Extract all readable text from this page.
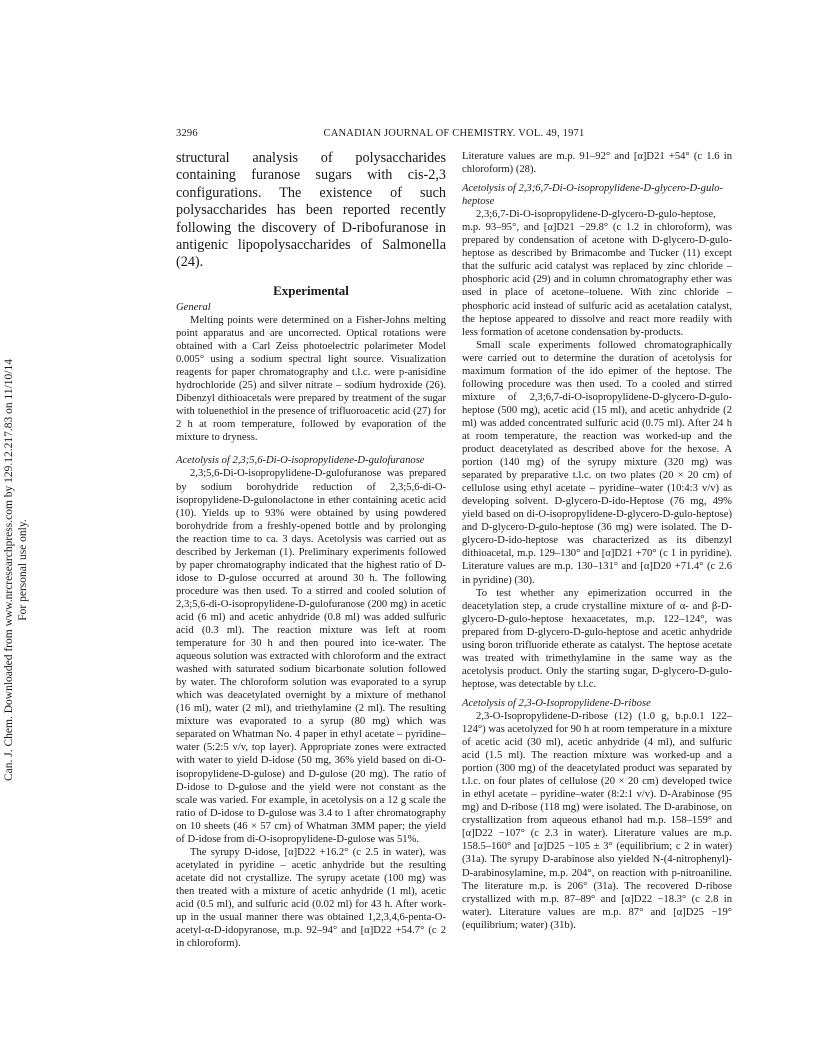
Can. J. Chem. Downloaded from www.nrcresearchpress.com by 129.12.217.83 on 11/10/14 For personal use only.
3296	CANADIAN JOURNAL OF CHEMISTRY. VOL. 49, 1971

structural analysis of polysaccharides containing furanose sugars with cis-2,3 configurations. The existence of such polysaccharides has been reported recently following the discovery of D-ribofuranose in antigenic lipopolysaccharides of Salmonella (24).

Experimental

General

Melting points were determined on a Fisher-Johns melting point apparatus and are uncorrected. Optical rotations were obtained with a Carl Zeiss photoelectric polarimeter Model 0.005° using a sodium spectral light source. Visualization reagents for paper chromatography and t.l.c. were p-anisidine hydrochloride (25) and silver nitrate – sodium hydroxide (26). Dibenzyl dithioacetals were prepared by treatment of the sugar with toluenethiol in the presence of trifluoroacetic acid (27) for 2 h at room temperature, followed by evaporation of the mixture to dryness.

Acetolysis of 2,3;5,6-Di-O-isopropylidene-D-gulofuranose

2,3;5,6-Di-O-isopropylidene-D-gulofuranose was prepared by sodium borohydride reduction of 2,3;5,6-di-O-isopropylidene-D-gulonolactone in ether containing acetic acid (10). Yields up to 93% were obtained by using powdered borohydride from a freshly-opened bottle and by prolonging the reaction time to ca. 3 days. Acetolysis was carried out as described by Jerkeman (1). Preliminary experiments followed by paper chromatography indicated that the highest ratio of D-idose to D-gulose occurred at around 30 h. The following procedure was then used. To a stirred and cooled solution of 2,3;5,6-di-O-isopropylidene-D-gulofuranose (200 mg) in acetic acid (6 ml) and acetic anhydride (0.8 ml) was added sulfuric acid (0.3 ml). The reaction mixture was left at room temperature for 30 h and then poured into ice-water. The aqueous solution was extracted with chloroform and the extract washed with saturated sodium bicarbonate solution followed by water. The chloroform solution was evaporated to a syrup which was deacetylated overnight by a mixture of methanol (16 ml), water (2 ml), and triethylamine (2 ml). The resulting mixture was evaporated to a syrup (80 mg) which was separated on Whatman No. 4 paper in ethyl acetate – pyridine–water (5:2:5 v/v, top layer). Appropriate zones were extracted with water to yield D-idose (50 mg, 36% yield based on di-O-isopropylidene-D-gulose) and D-gulose (20 mg). The ratio of D-idose to D-gulose and the yield were not constant as the scale was varied. For example, in acetolysis on a 12 g scale the ratio of D-idose to D-gulose was 3.4 to 1 after chromatography on 10 sheets (46 × 57 cm) of Whatman 3MM paper; the yield of D-idose from di-O-isopropylidene-D-gulose was 51%.

The syrupy D-idose, [α]D22 +16.2° (c 2.5 in water), was acetylated in pyridine – acetic anhydride but the resulting acetate did not crystallize. The syrupy acetate (100 mg) was then treated with a mixture of acetic anhydride (1 ml), acetic acid (0.5 ml), and sulfuric acid (0.02 ml) for 43 h. After work-up in the usual manner there was obtained 1,2,3,4,6-penta-O-acetyl-α-D-idopyranose, m.p. 92–94° and [α]D22 +54.7° (c 2 in chloroform).

Literature values are m.p. 91–92° and [α]D21 +54° (c 1.6 in chloroform) (28).

Acetolysis of 2,3;6,7-Di-O-isopropylidene-D-glycero-D-gulo-heptose

2,3;6,7-Di-O-isopropylidene-D-glycero-D-gulo-heptose, m.p. 93–95°, and [α]D21 −29.8° (c 1.2 in chloroform), was prepared by condensation of acetone with D-glycero-D-gulo-heptose as described by Brimacombe and Tucker (11) except that the sulfuric acid catalyst was replaced by zinc chloride – phosphoric acid (29) and in column chromatography ether was used in place of acetone–toluene. With zinc chloride – phosphoric acid instead of sulfuric acid as acetalation catalyst, the heptose appeared to dissolve and react more readily with less formation of acetone condensation by-products.

Small scale experiments followed chromatographically were carried out to determine the duration of acetolysis for maximum formation of the ido epimer of the heptose. The following procedure was then used. To a cooled and stirred mixture of 2,3;6,7-di-O-isopropylidene-D-glycero-D-gulo-heptose (500 mg), acetic acid (15 ml), and acetic anhydride (2 ml) was added concentrated sulfuric acid (0.75 ml). After 24 h at room temperature, the reaction was worked-up and the product deacetylated as described above for the hexose. A portion (140 mg) of the syrupy mixture (320 mg) was separated by preparative t.l.c. on two plates (20 × 20 cm) of cellulose using ethyl acetate – pyridine–water (10:4:3 v/v) as developing solvent. D-glycero-D-ido-Heptose (76 mg, 49% yield based on di-O-isopropylidene-D-glycero-D-gulo-heptose) and D-glycero-D-gulo-heptose (36 mg) were isolated. The D-glycero-D-ido-heptose was characterized as its dibenzyl dithioacetal, m.p. 129–130° and [α]D21 +70° (c 1 in pyridine). Literature values are m.p. 130–131° and [α]D20 +71.4° (c 2.6 in pyridine) (30).

To test whether any epimerization occurred in the deacetylation step, a crude crystalline mixture of α- and β-D-glycero-D-gulo-heptose hexaacetates, m.p. 122–124°, was prepared from D-glycero-D-gulo-heptose and acetic anhydride using boron trifluoride etherate as catalyst. The heptose acetate was treated with trimethylamine in the same way as the acetolysis product. Only the starting sugar, D-glycero-D-gulo-heptose, was detectable by t.l.c.

Acetolysis of 2,3-O-Isopropylidene-D-ribose

2,3-O-Isopropylidene-D-ribose (12) (1.0 g, b.p.0.1 122–124°) was acetolyzed for 90 h at room temperature in a mixture of acetic acid (30 ml), acetic anhydride (4 ml), and sulfuric acid (1.5 ml). The reaction mixture was worked-up and a portion (300 mg) of the deacetylated product was separated by t.l.c. on four plates of cellulose (20 × 20 cm) developed twice in ethyl acetate – pyridine–water (8:2:1 v/v). D-Arabinose (95 mg) and D-ribose (118 mg) were isolated. The D-arabinose, on crystallization from aqueous ethanol had m.p. 158–159° and [α]D22 −107° (c 2.3 in water). Literature values are m.p. 158.5–160° and [α]D25 −105 ± 3° (equilibrium; c 2 in water) (31a). The syrupy D-arabinose also yielded N-(4-nitrophenyl)-D-arabinosylamine, m.p. 204°, on reaction with p-nitroaniline. The literature m.p. is 206° (31a). The recovered D-ribose crystallized with m.p. 87–89° and [α]D22 −18.3° (c 2.8 in water). Literature values are m.p. 87° and [α]D25 −19° (equilibrium; water) (31b).
